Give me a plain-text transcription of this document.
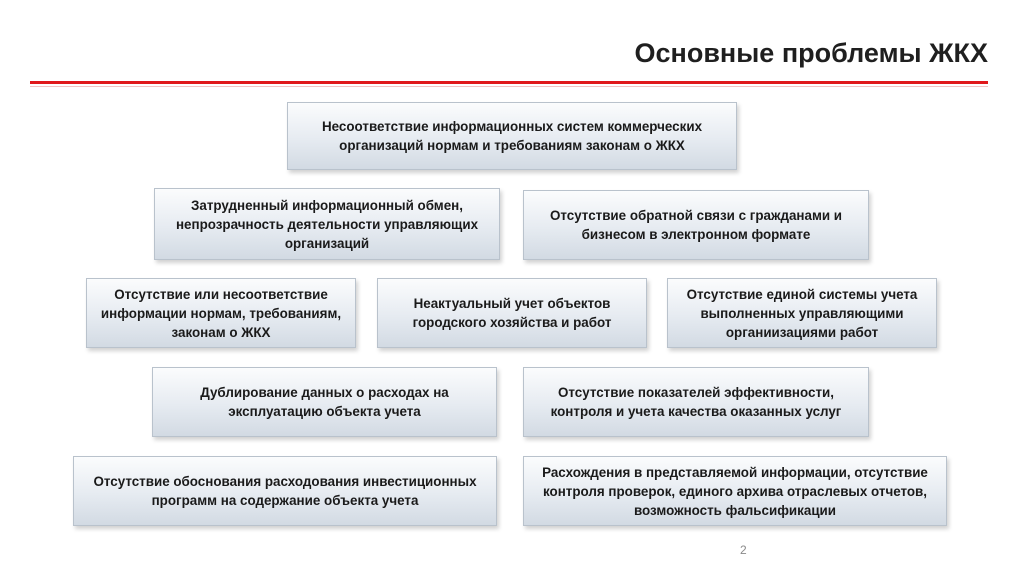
Основные проблемы ЖКХ
Несоответствие информационных систем коммерческих организаций нормам и требованиям законам о ЖКХ
Затрудненный информационный обмен, непрозрачность деятельности управляющих организаций
Отсутствие обратной связи с гражданами и бизнесом в электронном формате
Отсутствие или несоответствие информации нормам, требованиям, законам о ЖКХ
Неактуальный учет объектов городского хозяйства и работ
Отсутствие единой системы учета выполненных управляющими органиизациями работ
Дублирование данных о расходах на эксплуатацию объекта учета
Отсутствие показателей эффективности, контроля и учета качества оказанных услуг
Отсутствие обоснования расходования инвестиционных программ на содержание объекта учета
Расхождения в представляемой информации, отсутствие контроля проверок, единого архива отраслевых отчетов, возможность фальсификации
2
